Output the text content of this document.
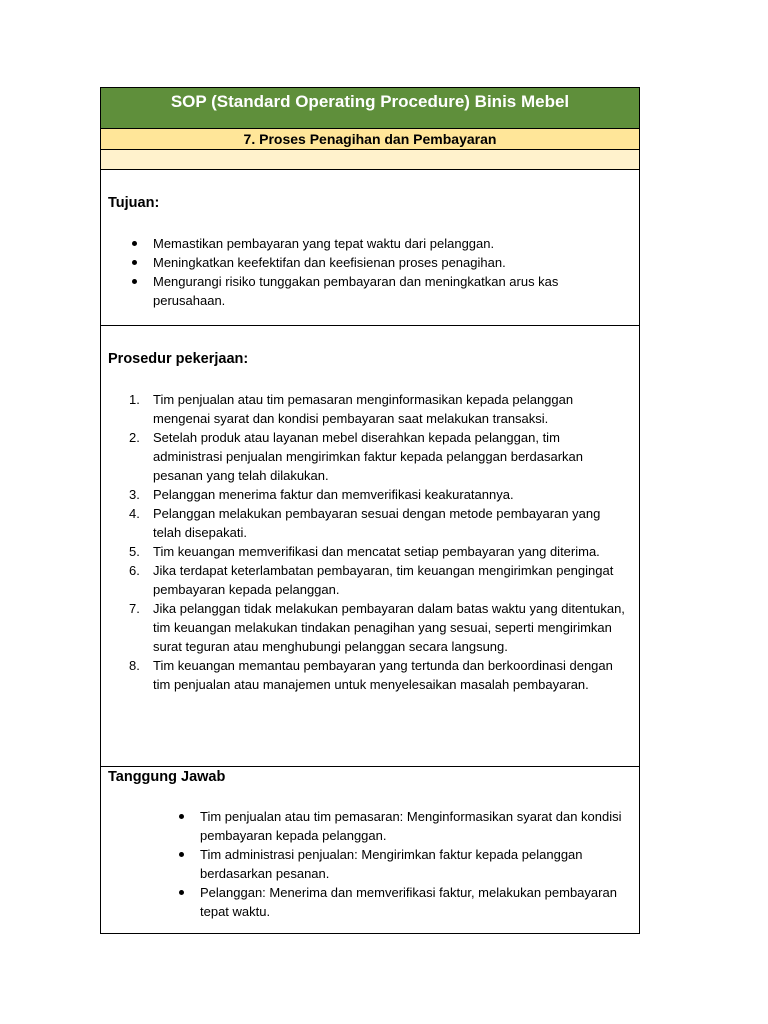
SOP (Standard Operating Procedure) Binis Mebel
7. Proses Penagihan dan Pembayaran
Tujuan:
Memastikan pembayaran yang tepat waktu dari pelanggan.
Meningkatkan keefektifan dan keefisienan proses penagihan.
Mengurangi risiko tunggakan pembayaran dan meningkatkan arus kas perusahaan.
Prosedur pekerjaan:
1.	Tim penjualan atau tim pemasaran menginformasikan kepada pelanggan mengenai syarat dan kondisi pembayaran saat melakukan transaksi.
2.	Setelah produk atau layanan mebel diserahkan kepada pelanggan, tim administrasi penjualan mengirimkan faktur kepada pelanggan berdasarkan pesanan yang telah dilakukan.
3.	Pelanggan menerima faktur dan memverifikasi keakuratannya.
4.	Pelanggan melakukan pembayaran sesuai dengan metode pembayaran yang telah disepakati.
5.	Tim keuangan memverifikasi dan mencatat setiap pembayaran yang diterima.
6.	Jika terdapat keterlambatan pembayaran, tim keuangan mengirimkan pengingat pembayaran kepada pelanggan.
7.	Jika pelanggan tidak melakukan pembayaran dalam batas waktu yang ditentukan, tim keuangan melakukan tindakan penagihan yang sesuai, seperti mengirimkan surat teguran atau menghubungi pelanggan secara langsung.
8.	Tim keuangan memantau pembayaran yang tertunda dan berkoordinasi dengan tim penjualan atau manajemen untuk menyelesaikan masalah pembayaran.
Tanggung Jawab
Tim penjualan atau tim pemasaran: Menginformasikan syarat dan kondisi pembayaran kepada pelanggan.
Tim administrasi penjualan: Mengirimkan faktur kepada pelanggan berdasarkan pesanan.
Pelanggan: Menerima dan memverifikasi faktur, melakukan pembayaran tepat waktu.
